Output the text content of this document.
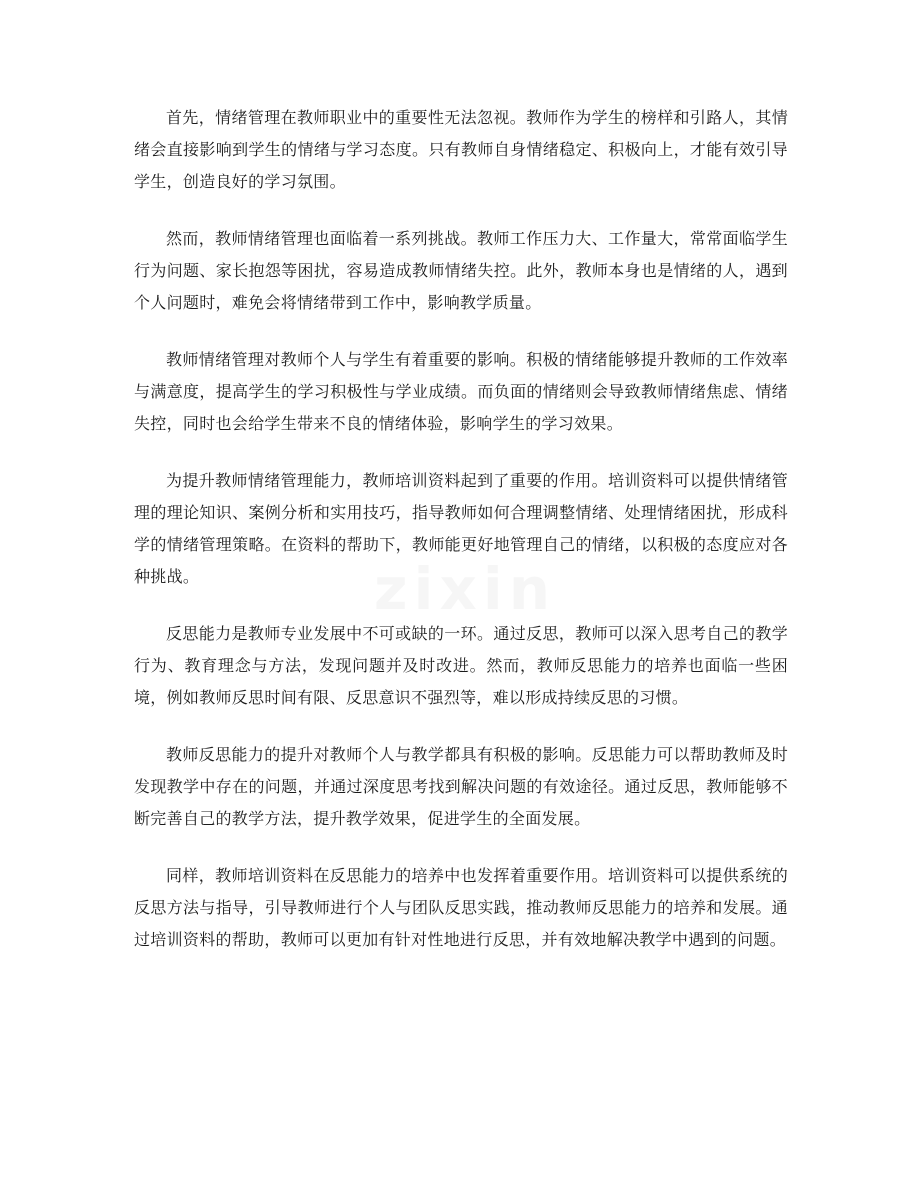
首先，情绪管理在教师职业中的重要性无法忽视。教师作为学生的榜样和引路人，其情绪会直接影响到学生的情绪与学习态度。只有教师自身情绪稳定、积极向上，才能有效引导学生，创造良好的学习氛围。

然而，教师情绪管理也面临着一系列挑战。教师工作压力大、工作量大，常常面临学生行为问题、家长抱怨等困扰，容易造成教师情绪失控。此外，教师本身也是情绪的人，遇到个人问题时，难免会将情绪带到工作中，影响教学质量。

教师情绪管理对教师个人与学生有着重要的影响。积极的情绪能够提升教师的工作效率与满意度，提高学生的学习积极性与学业成绩。而负面的情绪则会导致教师情绪焦虑、情绪失控，同时也会给学生带来不良的情绪体验，影响学生的学习效果。

为提升教师情绪管理能力，教师培训资料起到了重要的作用。培训资料可以提供情绪管理的理论知识、案例分析和实用技巧，指导教师如何合理调整情绪、处理情绪困扰，形成科学的情绪管理策略。在资料的帮助下，教师能更好地管理自己的情绪，以积极的态度应对各种挑战。

反思能力是教师专业发展中不可或缺的一环。通过反思，教师可以深入思考自己的教学行为、教育理念与方法，发现问题并及时改进。然而，教师反思能力的培养也面临一些困境，例如教师反思时间有限、反思意识不强烈等，难以形成持续反思的习惯。

教师反思能力的提升对教师个人与教学都具有积极的影响。反思能力可以帮助教师及时发现教学中存在的问题，并通过深度思考找到解决问题的有效途径。通过反思，教师能够不断完善自己的教学方法，提升教学效果，促进学生的全面发展。

同样，教师培训资料在反思能力的培养中也发挥着重要作用。培训资料可以提供系统的反思方法与指导，引导教师进行个人与团队反思实践，推动教师反思能力的培养和发展。通过培训资料的帮助，教师可以更加有针对性地进行反思，并有效地解决教学中遇到的问题。
